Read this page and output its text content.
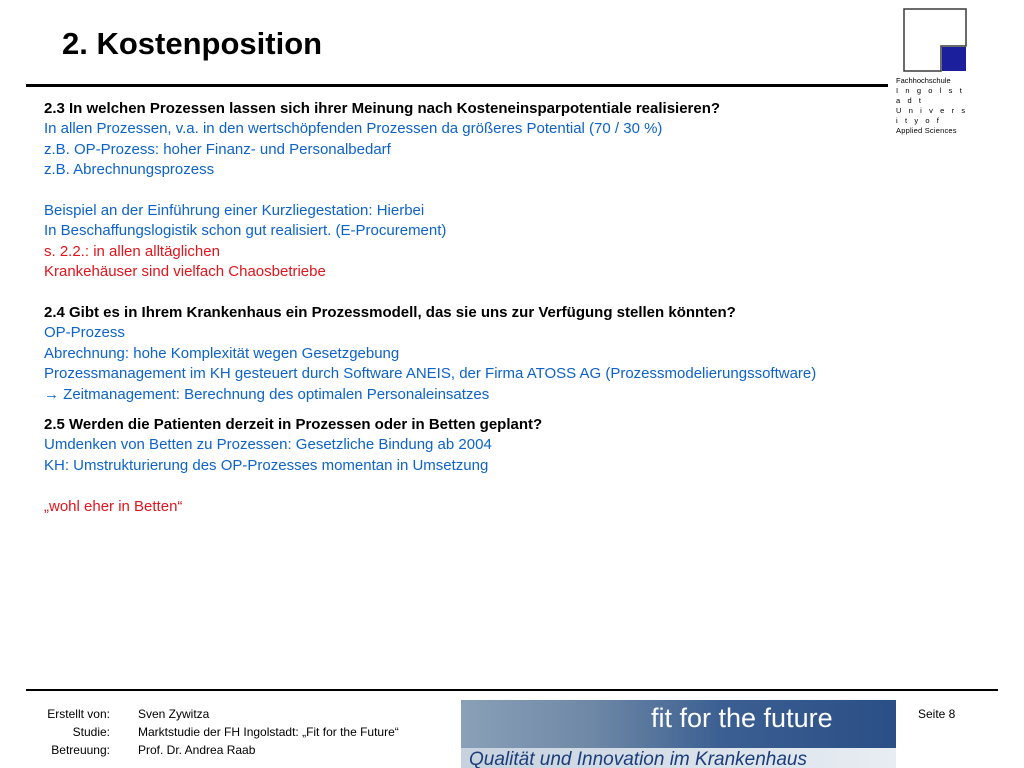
2. Kostenposition
Fachhochschule
I n g o l s t a d t
U n i v e r s i t y o f
Applied Sciences
2.3 In welchen Prozessen lassen sich ihrer Meinung nach Kosteneinsparpotentiale realisieren?
In allen Prozessen, v.a. in den wertschöpfenden Prozessen da größeres Potential (70 / 30 %)
z.B. OP-Prozess: hoher Finanz- und Personalbedarf
z.B. Abrechnungsprozess
Beispiel an der Einführung einer Kurzliegestation: Hierbei
In Beschaffungslogistik schon gut realisiert. (E-Procurement)
s. 2.2.: in allen alltäglichen
Krankehäuser sind vielfach Chaosbetriebe
2.4 Gibt es in Ihrem Krankenhaus ein Prozessmodell, das sie uns zur Verfügung stellen könnten?
OP-Prozess
Abrechnung: hohe Komplexität wegen Gesetzgebung
Prozessmanagement im KH gesteuert durch Software ANEIS, der Firma ATOSS AG (Prozessmodelierungssoftware)
→ Zeitmanagement: Berechnung des optimalen Personaleinsatzes
2.5 Werden die Patienten derzeit in Prozessen oder in Betten geplant?
Umdenken von Betten zu Prozessen: Gesetzliche Bindung ab 2004
KH: Umstrukturierung des OP-Prozesses momentan in Umsetzung
„wohl eher in Betten“
Erstellt von:
Studie:
Betreuung:
Sven Zywitza
Marktstudie der FH Ingolstadt: „Fit for the Future“
Prof. Dr. Andrea Raab
fit for the future
Qualität und Innovation im Krankenhaus
Seite 8
